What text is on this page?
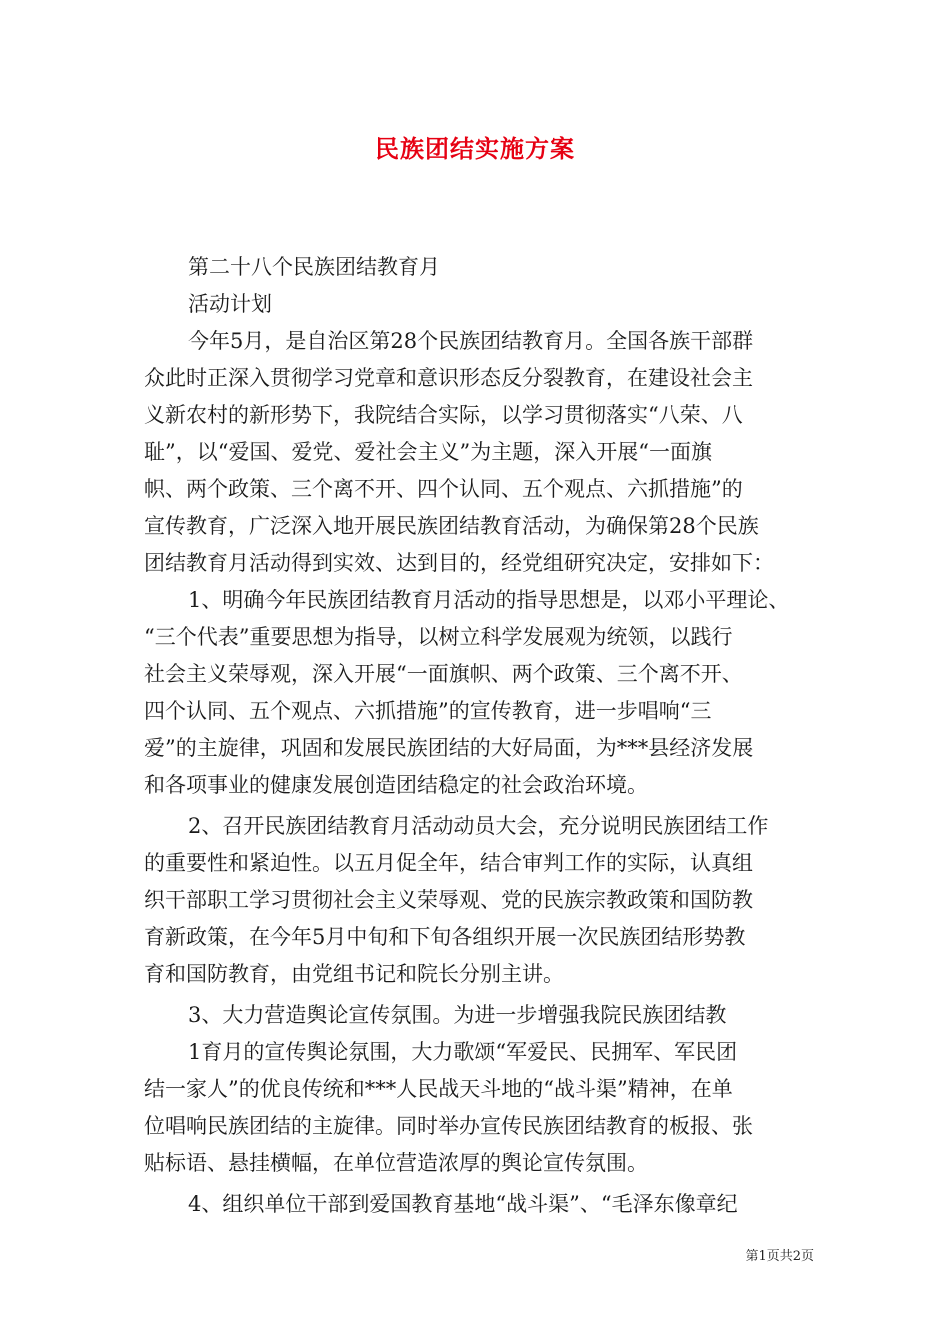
民族团结实施方案
第二十八个民族团结教育月
活动计划
今年5月，是自治区第28个民族团结教育月。全国各族干部群
众此时正深入贯彻学习党章和意识形态反分裂教育，在建设社会主
义新农村的新形势下，我院结合实际，以学习贯彻落实“八荣、八
耻”，以“爱国、爱党、爱社会主义”为主题，深入开展“一面旗
帜、两个政策、三个离不开、四个认同、五个观点、六抓措施”的
宣传教育，广泛深入地开展民族团结教育活动，为确保第28个民族
团结教育月活动得到实效、达到目的，经党组研究决定，安排如下：
1、明确今年民族团结教育月活动的指导思想是，以邓小平理论、
“三个代表”重要思想为指导，以树立科学发展观为统领，以践行
社会主义荣辱观，深入开展“一面旗帜、两个政策、三个离不开、
四个认同、五个观点、六抓措施”的宣传教育，进一步唱响“三
爱”的主旋律，巩固和发展民族团结的大好局面，为***县经济发展
和各项事业的健康发展创造团结稳定的社会政治环境。
2、召开民族团结教育月活动动员大会，充分说明民族团结工作
的重要性和紧迫性。以五月促全年，结合审判工作的实际，认真组
织干部职工学习贯彻社会主义荣辱观、党的民族宗教政策和国防教
育新政策，在今年5月中旬和下旬各组织开展一次民族团结形势教
育和国防教育，由党组书记和院长分别主讲。
3、大力营造舆论宣传氛围。为进一步增强我院民族团结教
1育月的宣传舆论氛围，大力歌颂“军爱民、民拥军、军民团
结一家人”的优良传统和***人民战天斗地的“战斗渠”精神，在单
位唱响民族团结的主旋律。同时举办宣传民族团结教育的板报、张
贴标语、悬挂横幅，在单位营造浓厚的舆论宣传氛围。
4、组织单位干部到爱国教育基地“战斗渠”、“毛泽东像章纪
第1页共2页
